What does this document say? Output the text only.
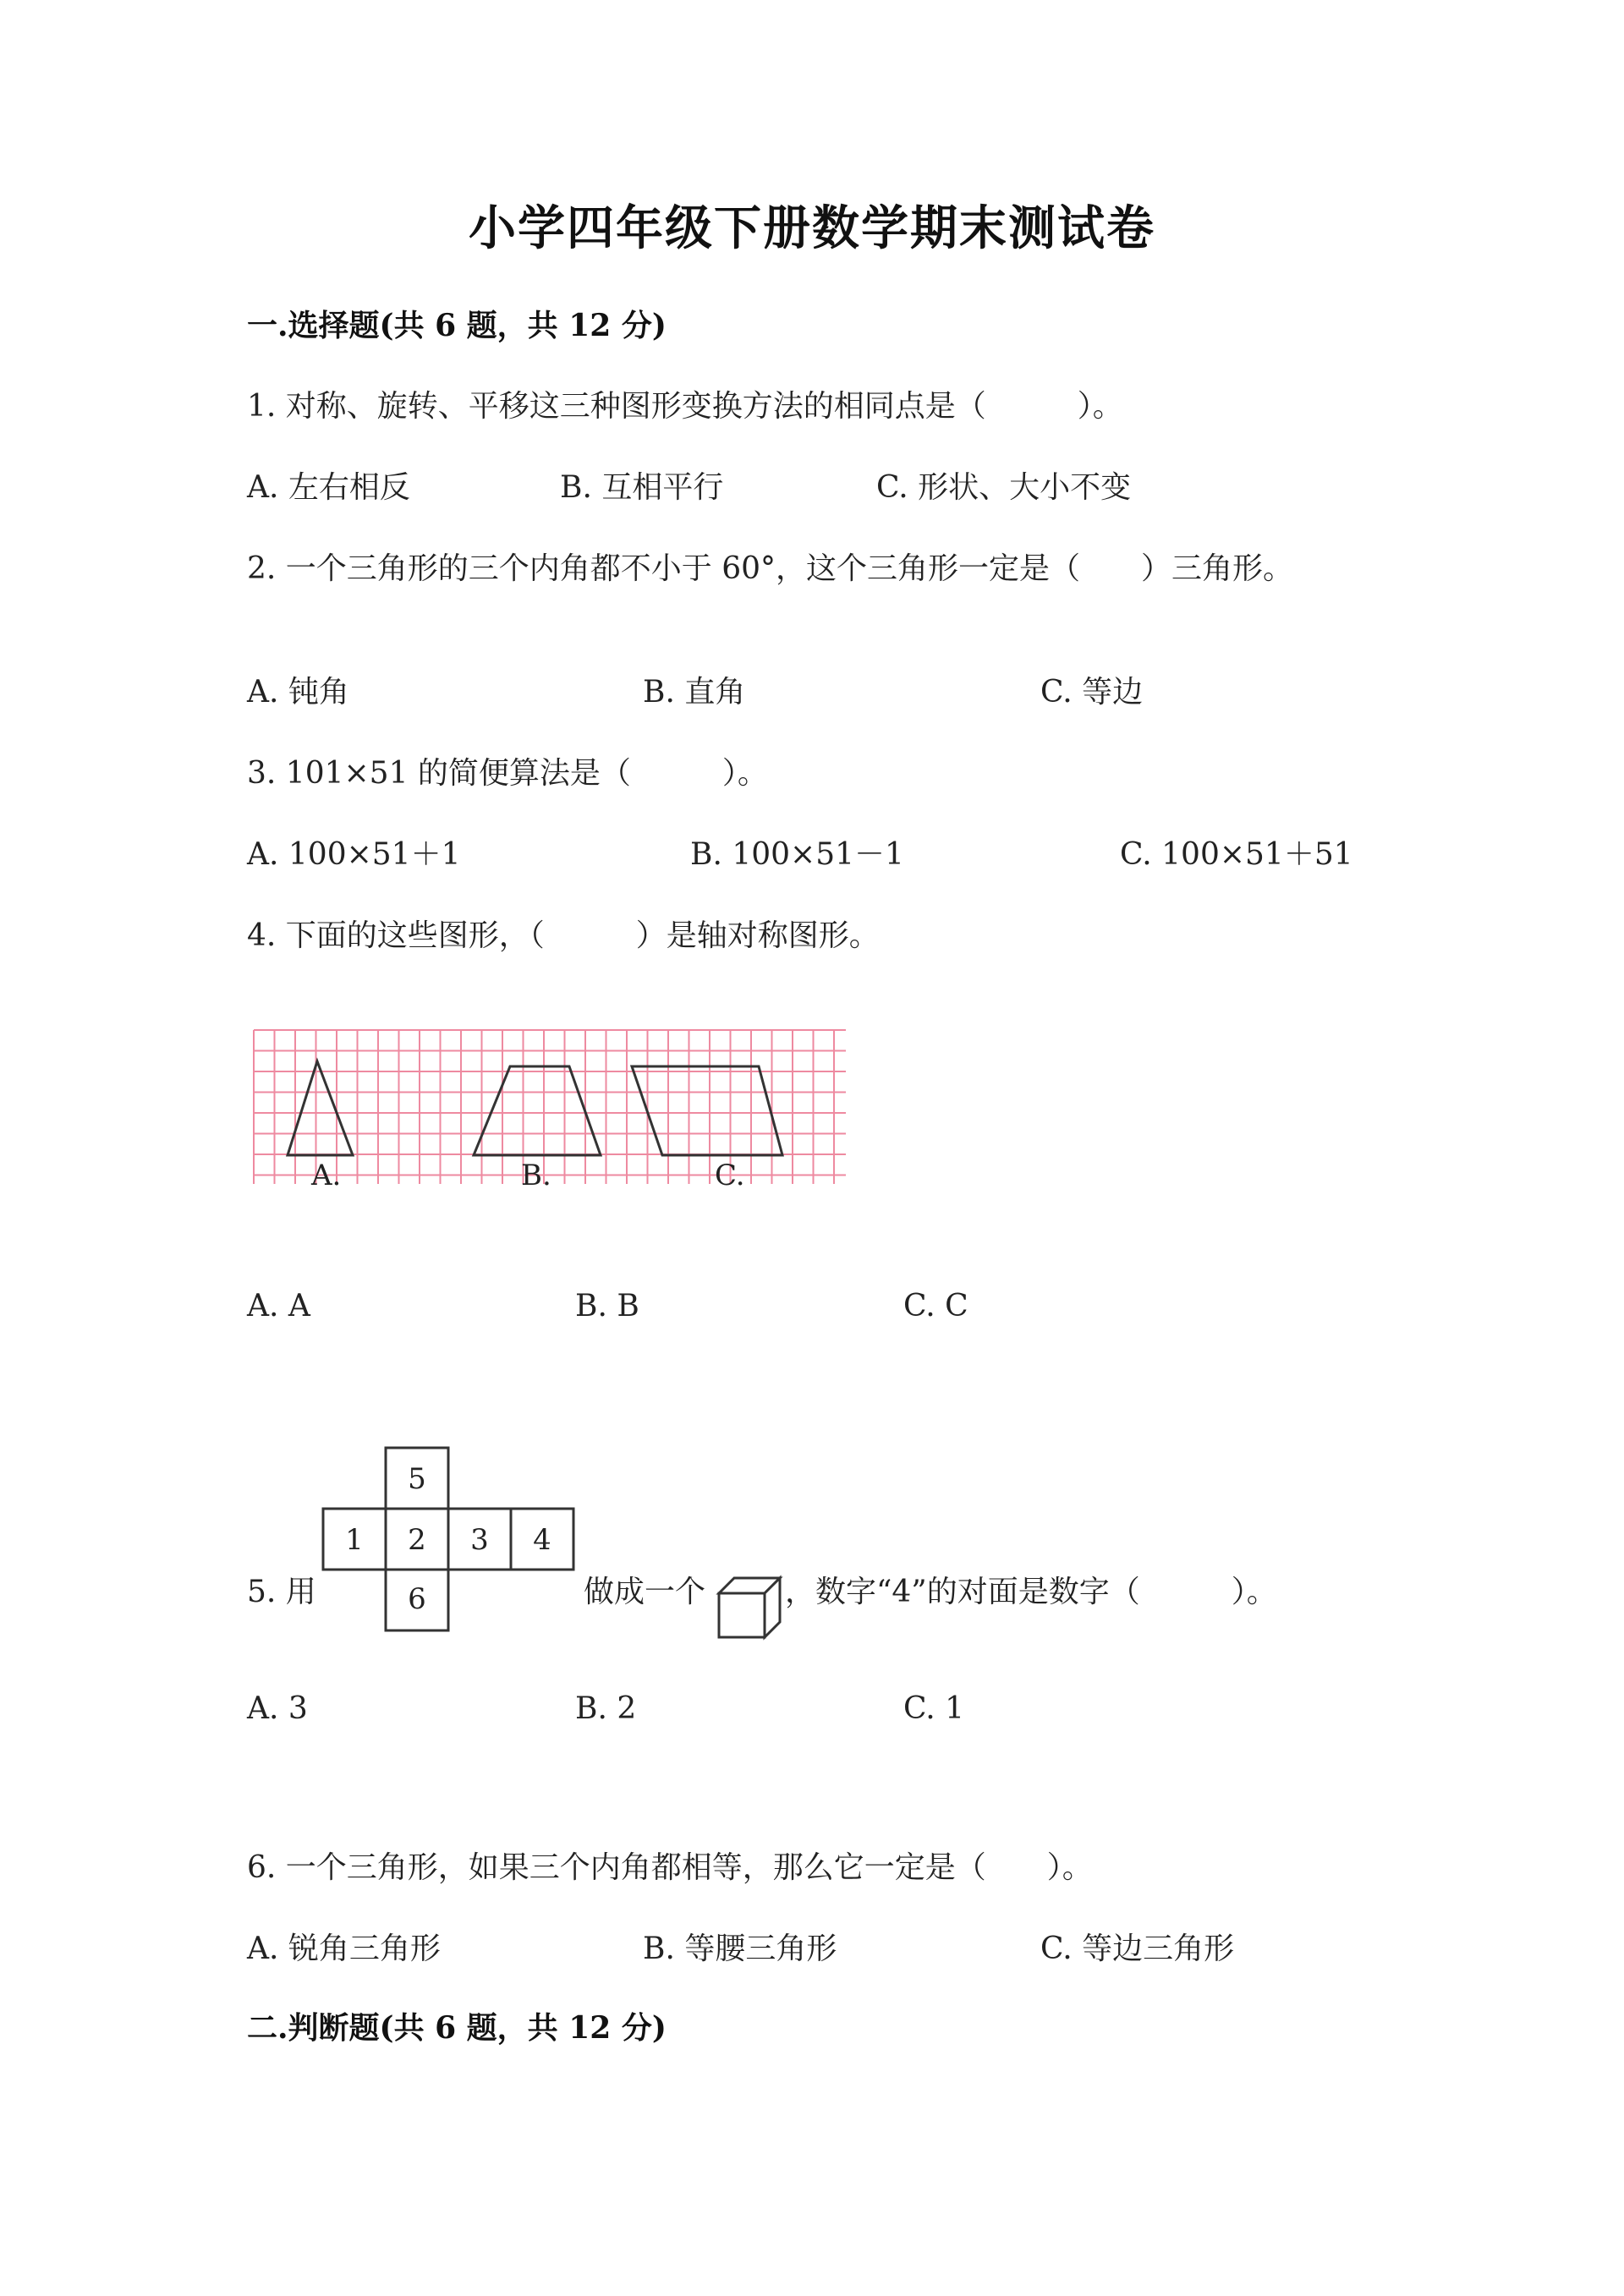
小学四年级下册数学期末测试卷
一.选择题(共 6 题，共 12 分)
1. 对称、旋转、平移这三种图形变换方法的相同点是（　　　）。
A. 左右相反	B. 互相平行	C. 形状、大小不变
2. 一个三角形的三个内角都不小于 60°，这个三角形一定是（　　）三角形。
A. 钝角	B. 直角	C. 等边
3. 101×51 的简便算法是（　　　）。
A. 100×51＋1	B. 100×51－1	C. 100×51＋51
4. 下面的这些图形，（　　　）是轴对称图形。
A.	B.	C.
A. A	B. B	C. C
5. 用
5
1 2 3 4
6	做成一个	，数字“4”的对面是数字（　　　）。
A. 3	B. 2	C. 1
6. 一个三角形，如果三个内角都相等，那么它一定是（　　）。
A. 锐角三角形	B. 等腰三角形	C. 等边三角形
二.判断题(共 6 题，共 12 分)
